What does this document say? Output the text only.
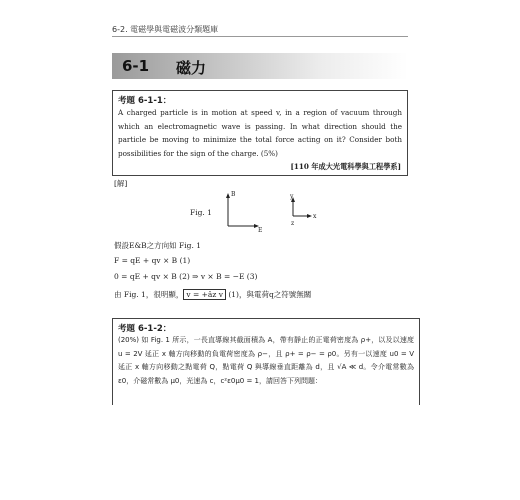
6-2. 電磁學與電磁波分類題庫
6-1 磁力
考題 6-1-1：
A charged particle is in motion at speed v, in a region of vacuum through which an electromagnetic wave is passing. In what direction should the particle be moving to minimize the total force acting on it? Consider both possibilities for the sign of the charge. (5%)
[110 年成大光電科學與工程學系]
[解]
Fig. 1
B
E
y
x
z
假設E&B之方向如 Fig. 1
F = qE + qv × B (1)
0 = qE + qv × B (2) ⇒ v × B = −E (3)
由 Fig. 1，很明顯， v = +âz v (1)，與電荷q之符號無關
考題 6-1-2：

(20%) 如 Fig. 1 所示，一長直導線其截面積為 A，帶有靜止的正電荷密度為 ρ+，以及以速度 u = 2V 延正 x 軸方向移動的負電荷密度為 ρ−，且 ρ+ = ρ− = ρ0。另有一以速度 u0 = V 延正 x 軸方向移動之點電荷 Q，點電荷 Q 與導線垂直距離為 d，且 √A ≪ d。令介電常數為 ε0，介磁常數為 μ0，光速為 c，c²ε0μ0 = 1，請回答下列問題：
